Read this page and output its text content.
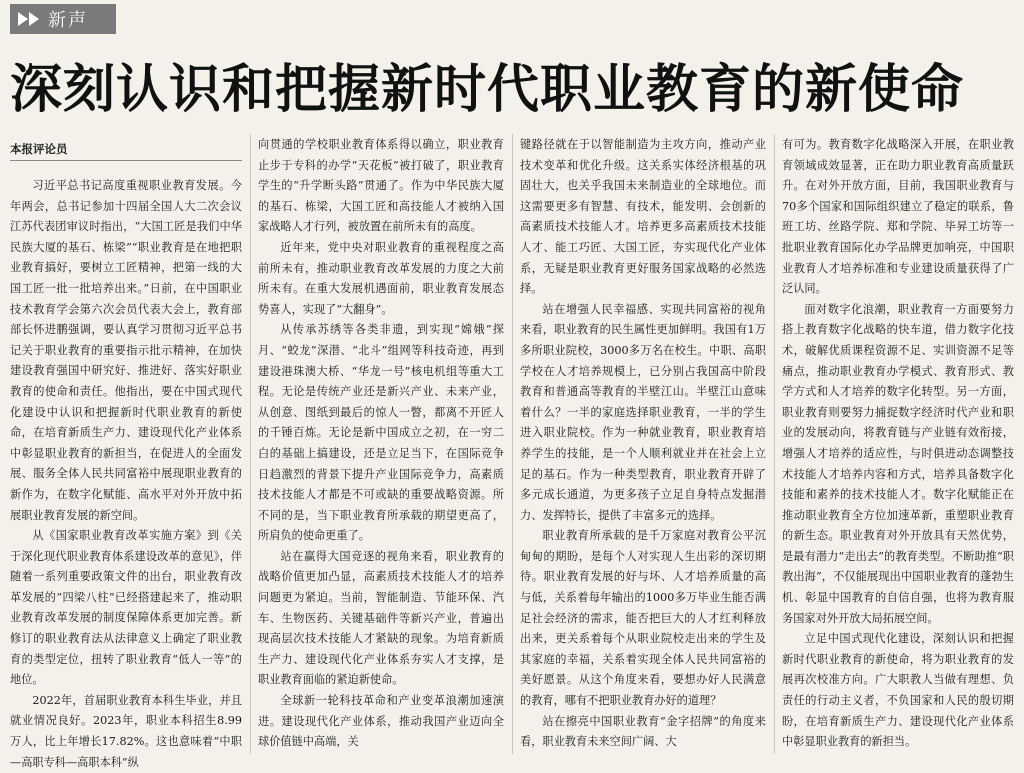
新声
深刻认识和把握新时代职业教育的新使命
本报评论员

习近平总书记高度重视职业教育发展。今年两会，总书记参加十四届全国人大二次会议江苏代表团审议时指出，“大国工匠是我们中华民族大厦的基石、栋梁”“职业教育是在地把职业教育搞好，要树立工匠精神，把第一线的大国工匠一批一批培养出来。”日前，在中国职业技术教育学会第六次会员代表大会上，教育部部长怀进鹏强调，要认真学习贯彻习近平总书记关于职业教育的重要指示批示精神，在加快建设教育强国中研究好、推进好、落实好职业教育的使命和责任。他指出，要在中国式现代化建设中认识和把握新时代职业教育的新使命，在培育新质生产力、建设现代化产业体系中彰显职业教育的新担当，在促进人的全面发展、服务全体人民共同富裕中展现职业教育的新作为，在数字化赋能、高水平对外开放中拓展职业教育发展的新空间。

从《国家职业教育改革实施方案》到《关于深化现代职业教育体系建设改革的意见》，伴随着一系列重要政策文件的出台，职业教育改革发展的“四梁八柱”已经搭建起来了，推动职业教育改革发展的制度保障体系更加完善。新修订的职业教育法从法律意义上确定了职业教育的类型定位，扭转了职业教育“低人一等”的地位。

2022年，首届职业教育本科生毕业，并且就业情况良好。2023年，职业本科招生8.99万人，比上年增长17.82%。这也意味着“中职—高职专科—高职本科”纵

向贯通的学校职业教育体系得以确立，职业教育止步于专科的办学“天花板”被打破了，职业教育学生的“升学断头路”贯通了。作为中华民族大厦的基石、栋梁，大国工匠和高技能人才被纳入国家战略人才行列，被放置在前所未有的高度。

近年来，党中央对职业教育的重视程度之高前所未有，推动职业教育改革发展的力度之大前所未有。在重大发展机遇面前，职业教育发展态势喜人，实现了“大翻身”。

从传承苏绣等各类非遗，到实现“嫦娥”探月、“蛟龙”深潜、“北斗”组网等科技奇迹，再到建设港珠澳大桥、“华龙一号”核电机组等重大工程。无论是传统产业还是新兴产业、未来产业，从创意、图纸到最后的惊人一瞥，都离不开匠人的千锤百炼。无论是新中国成立之初，在一穷二白的基础上搞建设，还是立足当下，在国际竞争日趋激烈的背景下提升产业国际竞争力，高素质技术技能人才都是不可或缺的重要战略资源。所不同的是，当下职业教育所承载的期望更高了，所肩负的使命更重了。

站在赢得大国竞逐的视角来看，职业教育的战略价值更加凸显，高素质技术技能人才的培养问题更为紧迫。当前，智能制造、节能环保、汽车、生物医药、关键基础件等新兴产业，普遍出现高层次技术技能人才紧缺的现象。为培育新质生产力、建设现代化产业体系夯实人才支撑，是职业教育面临的紧迫新使命。

全球新一轮科技革命和产业变革浪潮加速演进。建设现代化产业体系，推动我国产业迈向全球价值链中高端，关

键路径就在于以智能制造为主攻方向，推动产业技术变革和优化升级。这关系实体经济根基的巩固壮大，也关乎我国未来制造业的全球地位。而这需要更多有智慧、有技术，能发明、会创新的高素质技术技能人才。培养更多高素质技术技能人才、能工巧匠、大国工匠，夯实现代化产业体系，无疑是职业教育更好服务国家战略的必然选择。

站在增强人民幸福感、实现共同富裕的视角来看，职业教育的民生属性更加鲜明。我国有1万多所职业院校，3000多万名在校生。中职、高职学校在人才培养规模上，已分别占我国高中阶段教育和普通高等教育的半壁江山。半壁江山意味着什么？一半的家庭选择职业教育，一半的学生进入职业院校。作为一种就业教育，职业教育培养学生的技能，是一个人顺利就业并在社会上立足的基石。作为一种类型教育，职业教育开辟了多元成长通道，为更多孩子立足自身特点发掘潜力、发挥特长，提供了丰富多元的选择。

职业教育所承载的是千万家庭对教育公平沉甸甸的期盼，是每个人对实现人生出彩的深切期待。职业教育发展的好与坏、人才培养质量的高与低，关系着每年输出的1000多万毕业生能否满足社会经济的需求，能否把巨大的人才红利释放出来，更关系着每个从职业院校走出来的学生及其家庭的幸福，关系着实现全体人民共同富裕的美好愿景。从这个角度来看，要想办好人民满意的教育，哪有不把职业教育办好的道理？

站在擦亮中国职业教育“金字招牌”的角度来看，职业教育未来空间广阔、大

有可为。教育数字化战略深入开展，在职业教育领域成效显著，正在助力职业教育高质量跃升。在对外开放方面，目前，我国职业教育与70多个国家和国际组织建立了稳定的联系，鲁班工坊、丝路学院、郑和学院、毕昇工坊等一批职业教育国际化办学品牌更加响亮，中国职业教育人才培养标准和专业建设质量获得了广泛认同。

面对数字化浪潮，职业教育一方面要努力搭上教育数字化战略的快车道，借力数字化技术，破解优质课程资源不足、实训资源不足等痛点，推动职业教育办学模式、教育形式、教学方式和人才培养的数字化转型。另一方面，职业教育则要努力捕捉数字经济时代产业和职业的发展动向，将教育链与产业链有效衔接，增强人才培养的适应性，与时俱进动态调整技术技能人才培养内容和方式，培养具备数字化技能和素养的技术技能人才。数字化赋能正在推动职业教育全方位加速革新，重塑职业教育的新生态。职业教育对外开放具有天然优势，是最有潜力“走出去”的教育类型。不断助推“职教出海”，不仅能展现出中国职业教育的蓬勃生机、彰显中国教育的自信自强，也将为教育服务国家对外开放大局拓展空间。

立足中国式现代化建设，深刻认识和把握新时代职业教育的新使命，将为职业教育的发展再次校准方向。广大职教人当做有理想、负责任的行动主义者，不负国家和人民的殷切期盼，在培育新质生产力、建设现代化产业体系中彰显职业教育的新担当。
